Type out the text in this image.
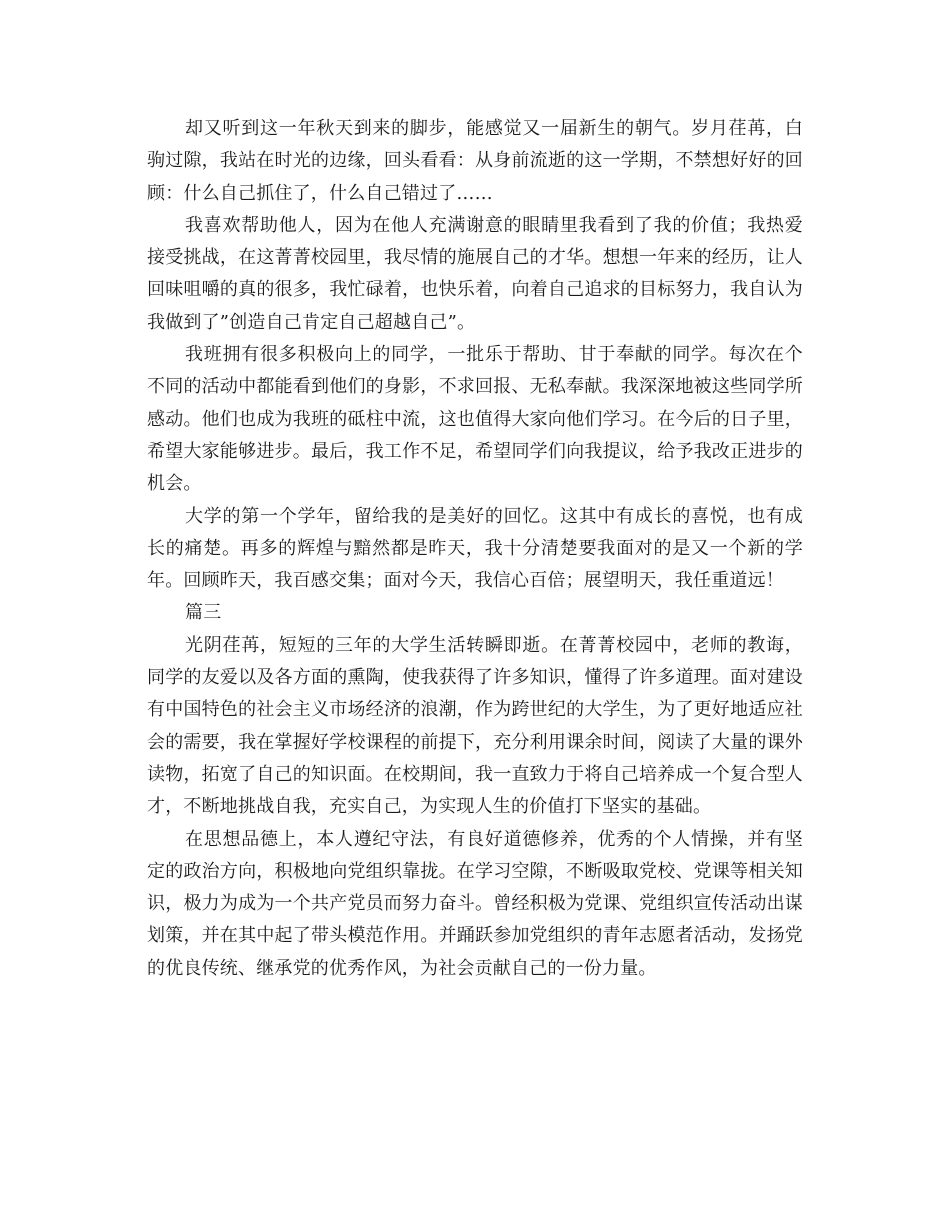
却又听到这一年秋天到来的脚步，能感觉又一届新生的朝气。岁月荏苒，白驹过隙，我站在时光的边缘，回头看看：从身前流逝的这一学期，不禁想好好的回顾：什么自己抓住了，什么自己错过了……

我喜欢帮助他人，因为在他人充满谢意的眼睛里我看到了我的价值；我热爱接受挑战，在这菁菁校园里，我尽情的施展自己的才华。想想一年来的经历，让人回味咀嚼的真的很多，我忙碌着，也快乐着，向着自己追求的目标努力，我自认为我做到了”创造自己肯定自己超越自己”。

我班拥有很多积极向上的同学，一批乐于帮助、甘于奉献的同学。每次在个不同的活动中都能看到他们的身影，不求回报、无私奉献。我深深地被这些同学所感动。他们也成为我班的砥柱中流，这也值得大家向他们学习。在今后的日子里，希望大家能够进步。最后，我工作不足，希望同学们向我提议，给予我改正进步的机会。

大学的第一个学年，留给我的是美好的回忆。这其中有成长的喜悦，也有成长的痛楚。再多的辉煌与黯然都是昨天，我十分清楚要我面对的是又一个新的学年。回顾昨天，我百感交集；面对今天，我信心百倍；展望明天，我任重道远！

篇三

光阴荏苒，短短的三年的大学生活转瞬即逝。在菁菁校园中，老师的教诲，同学的友爱以及各方面的熏陶，使我获得了许多知识，懂得了许多道理。面对建设有中国特色的社会主义市场经济的浪潮，作为跨世纪的大学生，为了更好地适应社会的需要，我在掌握好学校课程的前提下，充分利用课余时间，阅读了大量的课外读物，拓宽了自己的知识面。在校期间，我一直致力于将自己培养成一个复合型人才，不断地挑战自我，充实自己，为实现人生的价值打下坚实的基础。

在思想品德上，本人遵纪守法，有良好道德修养，优秀的个人情操，并有坚定的政治方向，积极地向党组织靠拢。在学习空隙，不断吸取党校、党课等相关知识，极力为成为一个共产党员而努力奋斗。曾经积极为党课、党组织宣传活动出谋划策，并在其中起了带头模范作用。并踊跃参加党组织的青年志愿者活动，发扬党的优良传统、继承党的优秀作风，为社会贡献自己的一份力量。
